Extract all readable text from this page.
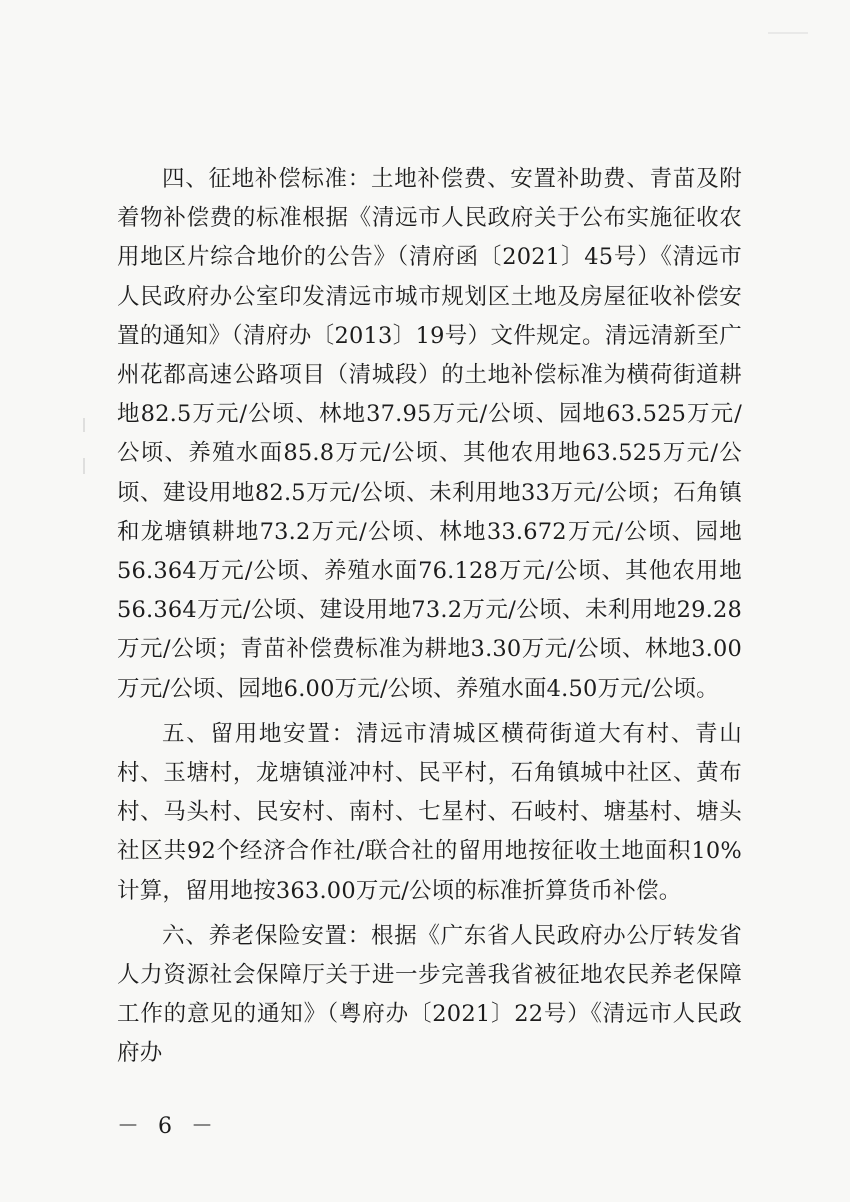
四、征地补偿标准：土地补偿费、安置补助费、青苗及附着物补偿费的标准根据《清远市人民政府关于公布实施征收农用地区片综合地价的公告》（清府函〔2021〕45号）《清远市人民政府办公室印发清远市城市规划区土地及房屋征收补偿安置的通知》（清府办〔2013〕19号）文件规定。清远清新至广州花都高速公路项目（清城段）的土地补偿标准为横荷街道耕地82.5万元/公顷、林地37.95万元/公顷、园地63.525万元/公顷、养殖水面85.8万元/公顷、其他农用地63.525万元/公顷、建设用地82.5万元/公顷、未利用地33万元/公顷；石角镇和龙塘镇耕地73.2万元/公顷、林地33.672万元/公顷、园地56.364万元/公顷、养殖水面76.128万元/公顷、其他农用地56.364万元/公顷、建设用地73.2万元/公顷、未利用地29.28万元/公顷；青苗补偿费标准为耕地3.30万元/公顷、林地3.00万元/公顷、园地6.00万元/公顷、养殖水面4.50万元/公顷。

五、留用地安置：清远市清城区横荷街道大有村、青山村、玉塘村，龙塘镇湴冲村、民平村，石角镇城中社区、黄布村、马头村、民安村、南村、七星村、石岐村、塘基村、塘头社区共92个经济合作社/联合社的留用地按征收土地面积10%计算，留用地按363.00万元/公顷的标准折算货币补偿。

六、养老保险安置：根据《广东省人民政府办公厅转发省人力资源社会保障厅关于进一步完善我省被征地农民养老保障工作的意见的通知》（粤府办〔2021〕22号）《清远市人民政府办

－ 6 －
